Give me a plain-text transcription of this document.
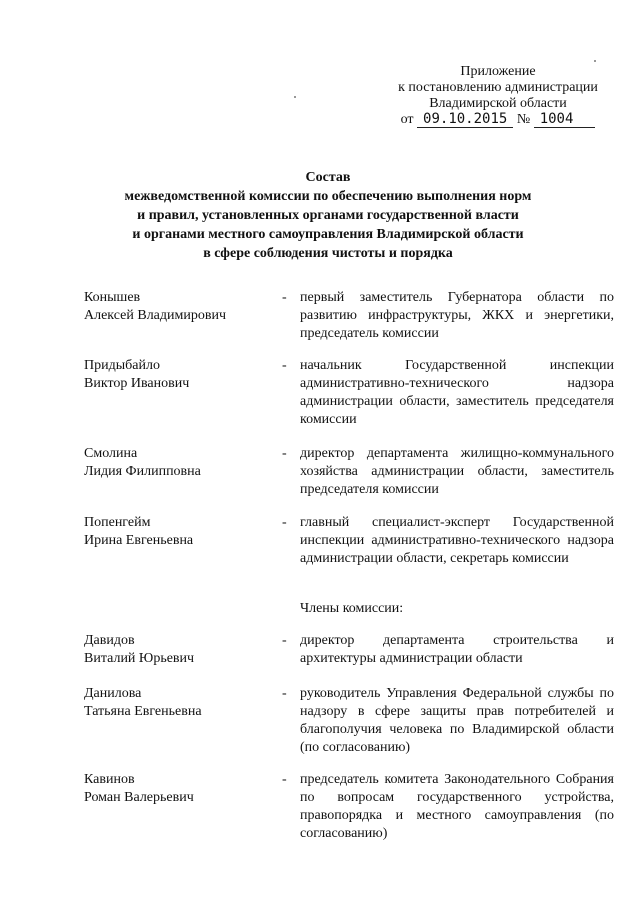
Приложение
к постановлению администрации
Владимирской области
от 09.10.2015 № 1004
Состав
межведомственной комиссии по обеспечению выполнения норм
и правил, установленных органами государственной власти
и органами местного самоуправления Владимирской области
в сфере соблюдения чистоты и порядка
Конышев
Алексей Владимирович
- первый заместитель Губернатора области по развитию инфраструктуры, ЖКХ и энергетики, председатель комиссии
Придыбайло
Виктор Иванович
- начальник Государственной инспекции административно-технического надзора администрации области, заместитель председателя комиссии
Смолина
Лидия Филипповна
- директор департамента жилищно-коммунального хозяйства администрации области, заместитель председателя комиссии
Попенгейм
Ирина Евгеньевна
- главный специалист-эксперт Государственной инспекции административно-технического надзора администрации области, секретарь комиссии
Члены комиссии:
Давидов
Виталий Юрьевич
- директор департамента строительства и архитектуры администрации области
Данилова
Татьяна Евгеньевна
- руководитель Управления Федеральной службы по надзору в сфере защиты прав потребителей и благополучия человека по Владимирской области (по согласованию)
Кавинов
Роман Валерьевич
- председатель комитета Законодательного Собрания по вопросам государственного устройства, правопорядка и местного самоуправления (по согласованию)
